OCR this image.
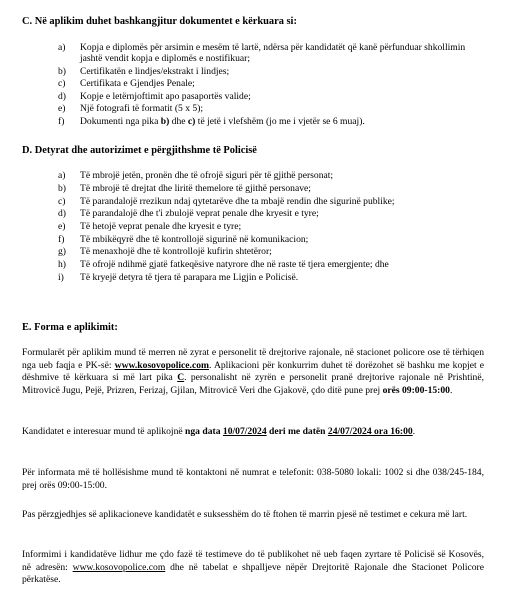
C. Në aplikim duhet bashkangjitur dokumentet e kërkuara si:
a) Kopja e diplomës për arsimin e mesëm të lartë, ndërsa për kandidatët që kanë përfunduar shkollimin jashtë vendit kopja e diplomës e nostifikuar;
b) Certifikatën e lindjes/ekstrakt i lindjes;
c) Certifikata e Gjendjes Penale;
d) Kopje e letërnjoftimit apo pasaportës valide;
e) Një fotografi të formatit (5 x 5);
f) Dokumenti nga pika b) dhe c) të jetë i vlefshëm (jo me i vjetër se 6 muaj).
D. Detyrat dhe autorizimet e përgjithshme të Policisë
a) Të mbrojë jetën, pronën dhe të ofrojë siguri për të gjithë personat;
b) Të mbrojë të drejtat dhe liritë themelore të gjithë personave;
c) Të parandalojë rrezikun ndaj qytetarëve dhe ta mbajë rendin dhe sigurinë publike;
d) Të parandalojë dhe t'i zbulojë veprat penale dhe kryesit e tyre;
e) Të hetojë veprat penale dhe kryesit e tyre;
f) Të mbikëqyrë dhe të kontrollojë sigurinë në komunikacion;
g) Të menaxhojë dhe të kontrollojë kufirin shtetëror;
h) Të ofrojë ndihmë gjatë fatkeqësive natyrore dhe në raste të tjera emergjente; dhe
i) Të kryejë detyra të tjera të parapara me Ligjin e Policisë.
E. Forma e aplikimit:

Formularët për aplikim mund të merren në zyrat e personelit të drejtorive rajonale, në stacionet policore ose të tërhiqen nga ueb faqja e PK-së: www.kosovopolice.com. Aplikacioni për konkurrim duhet të dorëzohet së bashku me kopjet e dëshmive të kërkuara si më lart pika C. personalisht në zyrën e personelit pranë drejtorive rajonale në Prishtinë, Mitrovicë Jugu, Pejë, Prizren, Ferizaj, Gjilan, Mitrovicë Veri dhe Gjakovë, çdo ditë pune prej orës 09:00-15:00.

Kandidatet e interesuar mund të aplikojnë nga data 10/07/2024 deri me datën 24/07/2024 ora 16:00.

Për informata më të hollësishme mund të kontaktoni në numrat e telefonit: 038-5080 lokali: 1002 si dhe 038/245-184, prej orës 09:00-15:00.

Pas përzgjedhjes së aplikacioneve kandidatët e suksesshëm do të ftohen të marrin pjesë në testimet e cekura më lart.

Informimi i kandidatëve lidhur me çdo fazë të testimeve do të publikohet në ueb faqen zyrtare të Policisë së Kosovës, në adresën: www.kosovopolice.com dhe në tabelat e shpalljeve nëpër Drejtoritë Rajonale dhe Stacionet Policore përkatëse.
